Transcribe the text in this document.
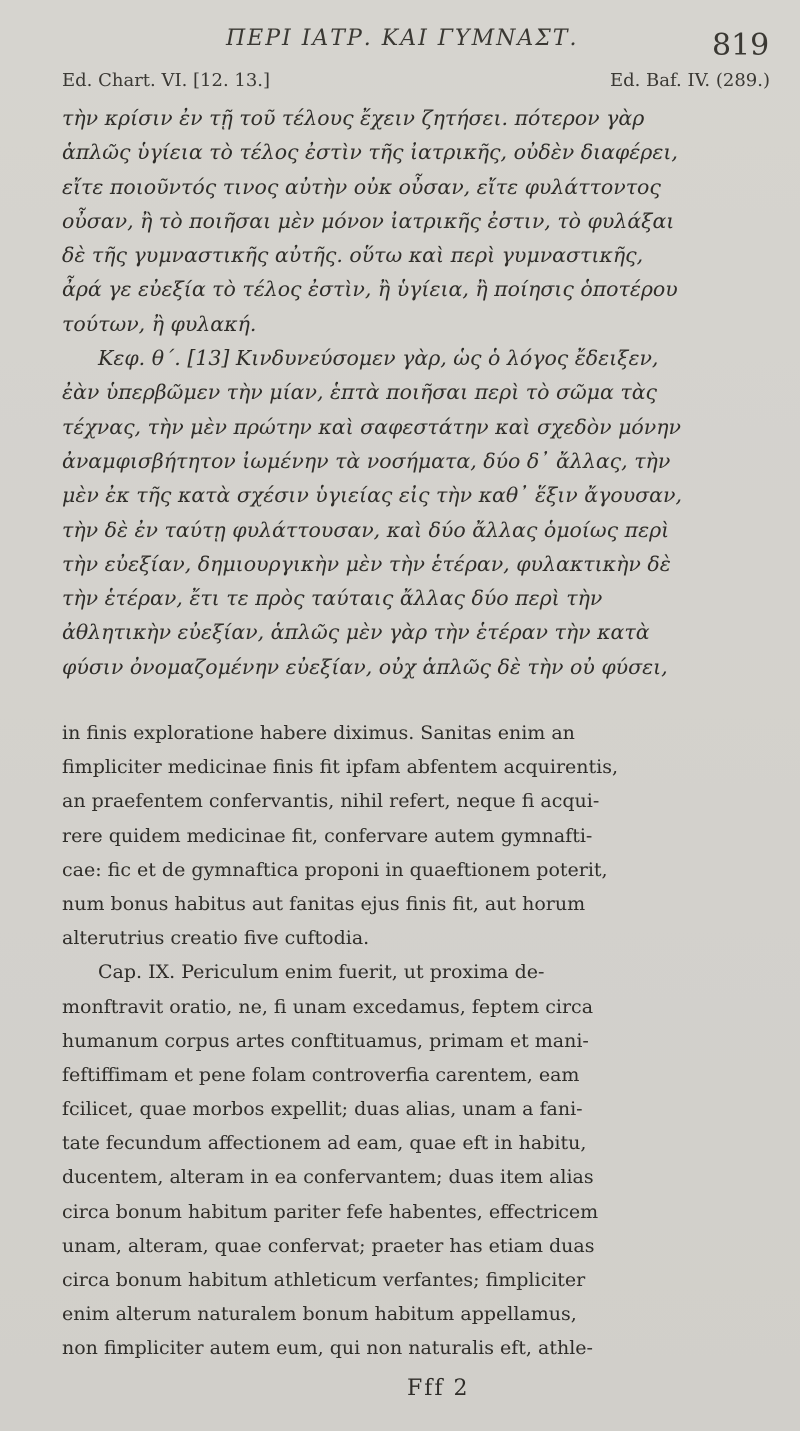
ΠΕΡΙ ΙΑΤΡ. ΚΑΙ ΓΥΜΝΑΣΤ.	819
Ed. Chart. VI. [12. 13.]	Ed. Baf. IV. (289.)
τὴν κρίσιν ἐν τῇ τοῦ τέλους ἔχειν ζητήσει. πότερον γὰρ
ἁπλῶς ὑγίεια τὸ τέλος ἐστὶν τῆς ἰατρικῆς, οὐδὲν διαφέρει,
εἴτε ποιοῦντός τινος αὐτὴν οὐκ οὖσαν, εἴτε φυλάττοντος
οὖσαν, ἢ τὸ ποιῆσαι μὲν μόνον ἰατρικῆς ἐστιν, τὸ φυλάξαι
δὲ τῆς γυμναστικῆς αὐτῆς. οὕτω καὶ περὶ γυμναστικῆς,
ἆρά γε εὐεξία τὸ τέλος ἐστὶν, ἢ ὑγίεια, ἢ ποίησις ὁποτέρου
τούτων, ἢ φυλακή.
Κεφ. θ΄. [13] Κινδυνεύσομεν γὰρ, ὡς ὁ λόγος ἔδειξεν,
ἐὰν ὑπερβῶμεν τὴν μίαν, ἑπτὰ ποιῆσαι περὶ τὸ σῶμα τὰς
τέχνας, τὴν μὲν πρώτην καὶ σαφεστάτην καὶ σχεδὸν μόνην
ἀναμφισβήτητον ἰωμένην τὰ νοσήματα, δύο δ᾽ ἄλλας, τὴν
μὲν ἐκ τῆς κατὰ σχέσιν ὑγιείας εἰς τὴν καθ᾽ ἕξιν ἄγουσαν,
τὴν δὲ ἐν ταύτῃ φυλάττουσαν, καὶ δύο ἄλλας ὁμοίως περὶ
τὴν εὐεξίαν, δημιουργικὴν μὲν τὴν ἑτέραν, φυλακτικὴν δὲ
τὴν ἑτέραν, ἔτι τε πρὸς ταύταις ἄλλας δύο περὶ τὴν
ἀθλητικὴν εὐεξίαν, ἁπλῶς μὲν γὰρ τὴν ἑτέραν τὴν κατὰ
φύσιν ὀνομαζομένην εὐεξίαν, οὐχ ἁπλῶς δὲ τὴν οὐ φύσει,
in finis exploratione habere diximus. Sanitas enim an
fimpliciter medicinae finis fit ipfam abfentem acquirentis,
an praefentem confervantis, nihil refert, neque fi acqui-
rere quidem medicinae fit, confervare autem gymnafti-
cae: fic et de gymnaftica proponi in quaeftionem poterit,
num bonus habitus aut fanitas ejus finis fit, aut horum
alterutrius creatio five cuftodia.
Cap. IX. Periculum enim fuerit, ut proxima de-
monftravit oratio, ne, fi unam excedamus, feptem circa
humanum corpus artes conftituamus, primam et mani-
feftiffimam et pene folam controverfia carentem, eam
fcilicet, quae morbos expellit; duas alias, unam a fani-
tate fecundum affectionem ad eam, quae eft in habitu,
ducentem, alteram in ea confervantem; duas item alias
circa bonum habitum pariter fefe habentes, effectricem
unam, alteram, quae confervat; praeter has etiam duas
circa bonum habitum athleticum verfantes; fimpliciter
enim alterum naturalem bonum habitum appellamus,
non fimpliciter autem eum, qui non naturalis eft, athle-
Fff 2
